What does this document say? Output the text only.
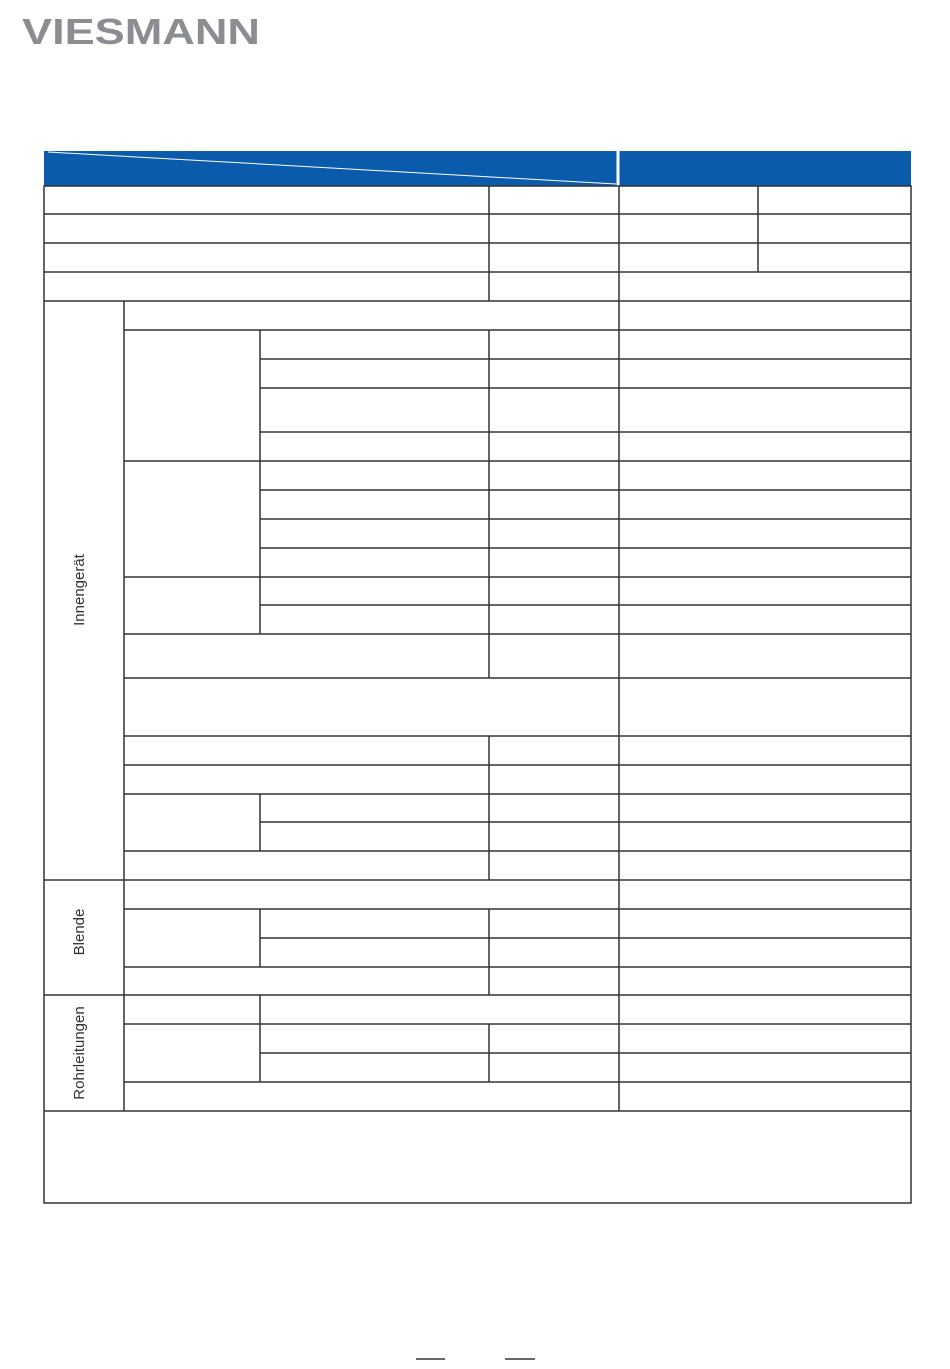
VIESMANN
Innengerät
Blende
Rohrleitungen
